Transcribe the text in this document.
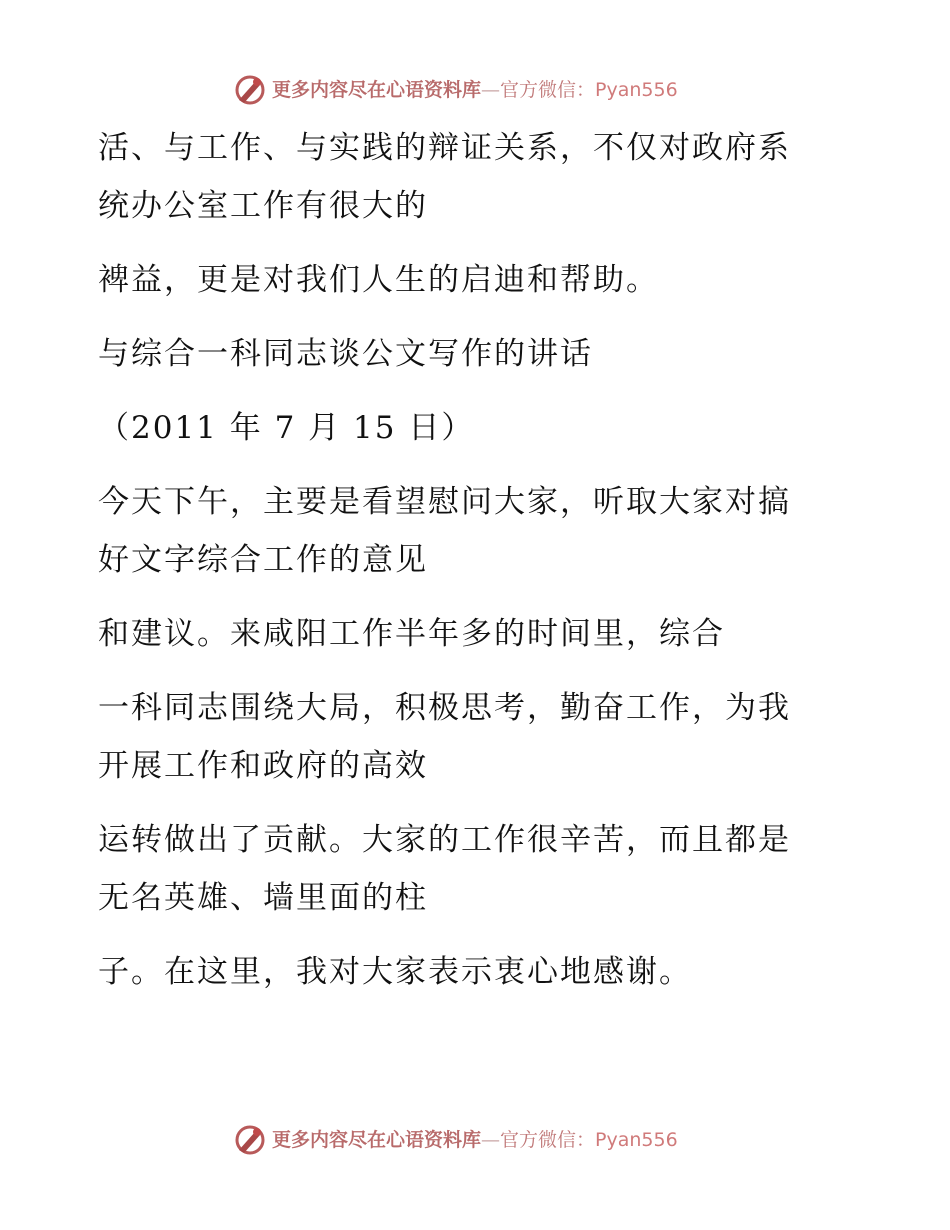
更多内容尽在心语资料库—官方微信：Pyan556
活、与工作、与实践的辩证关系，不仅对政府系
统办公室工作有很大的
裨益，更是对我们人生的启迪和帮助。
与综合一科同志谈公文写作的讲话
（2011 年 7 月 15 日）
今天下午，主要是看望慰问大家，听取大家对搞
好文字综合工作的意见
和建议。来咸阳工作半年多的时间里，综合
一科同志围绕大局，积极思考，勤奋工作，为我
开展工作和政府的高效
运转做出了贡献。大家的工作很辛苦，而且都是
无名英雄、墙里面的柱
子。在这里，我对大家表示衷心地感谢。
更多内容尽在心语资料库—官方微信：Pyan556
